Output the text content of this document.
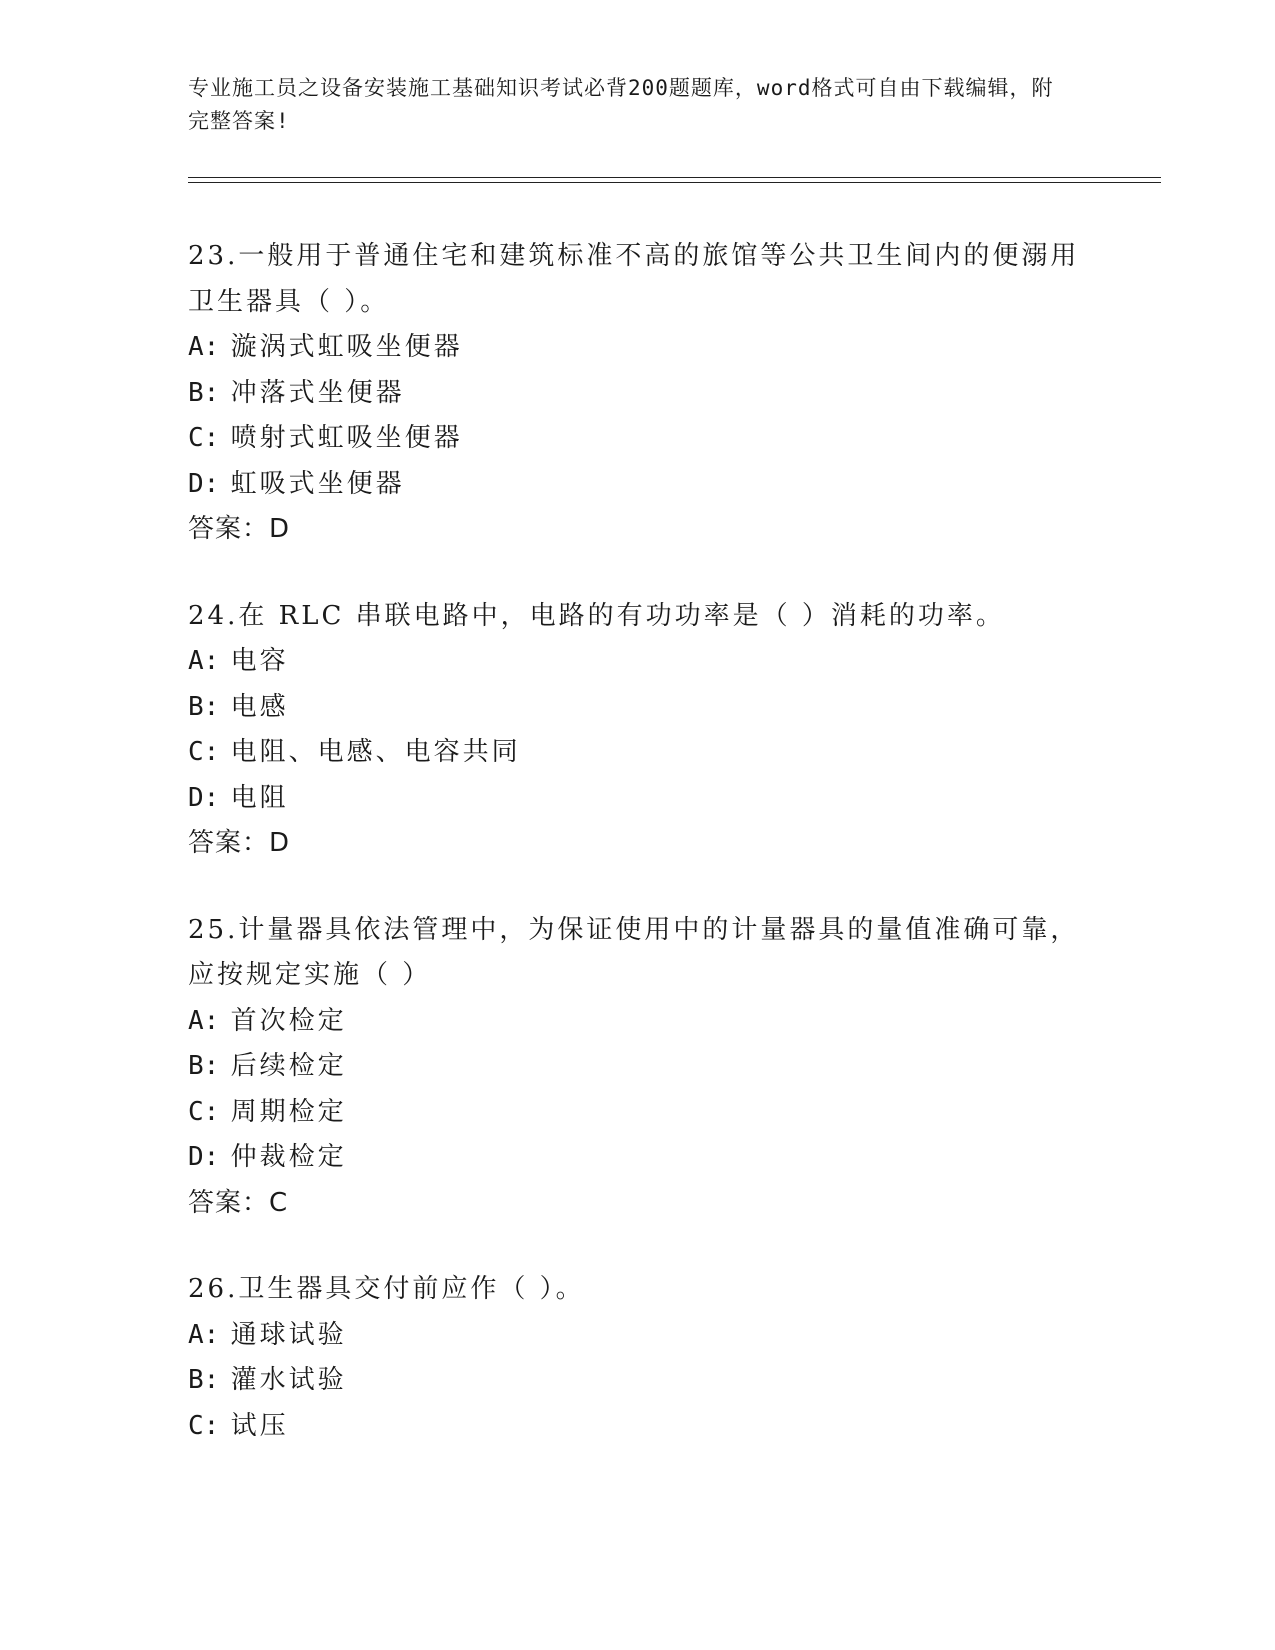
专业施工员之设备安装施工基础知识考试必背200题题库，word格式可自由下载编辑，附完整答案!
23.一般用于普通住宅和建筑标准不高的旅馆等公共卫生间内的便溺用卫生器具（ ）。
A: 漩涡式虹吸坐便器
B: 冲落式坐便器
C: 喷射式虹吸坐便器
D: 虹吸式坐便器
答案：D
24.在 RLC 串联电路中，电路的有功功率是（ ）消耗的功率。
A: 电容
B: 电感
C: 电阻、电感、电容共同
D: 电阻
答案：D
25.计量器具依法管理中，为保证使用中的计量器具的量值准确可靠，应按规定实施（ ）
A: 首次检定
B: 后续检定
C: 周期检定
D: 仲裁检定
答案：C
26.卫生器具交付前应作（ ）。
A: 通球试验
B: 灌水试验
C: 试压
